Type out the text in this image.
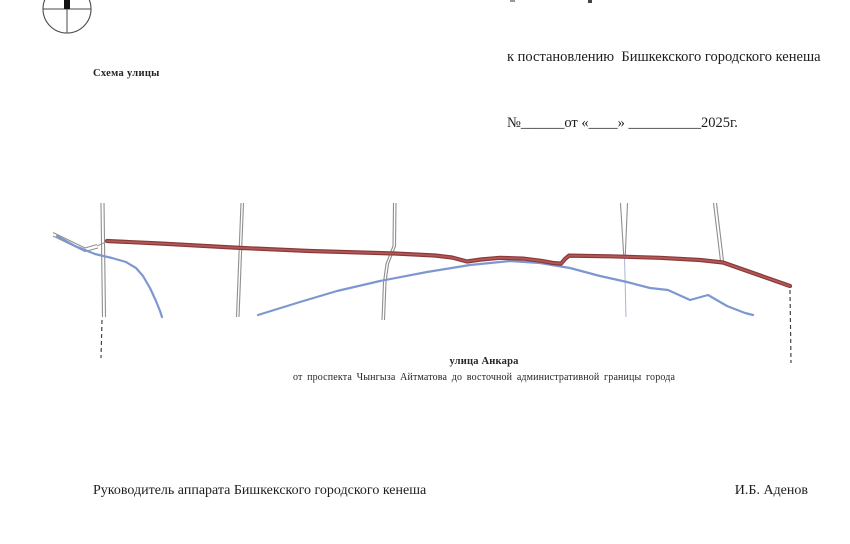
к постановлению  Бишкекского городского кенеша

№______от «____» __________2025г.

Схема улицы
улица Анкара
от проспекта Чынгыза Айтматова до восточной административной границы города
Руководитель аппарата Бишкекского городского кенеша	И.Б. Аденов
